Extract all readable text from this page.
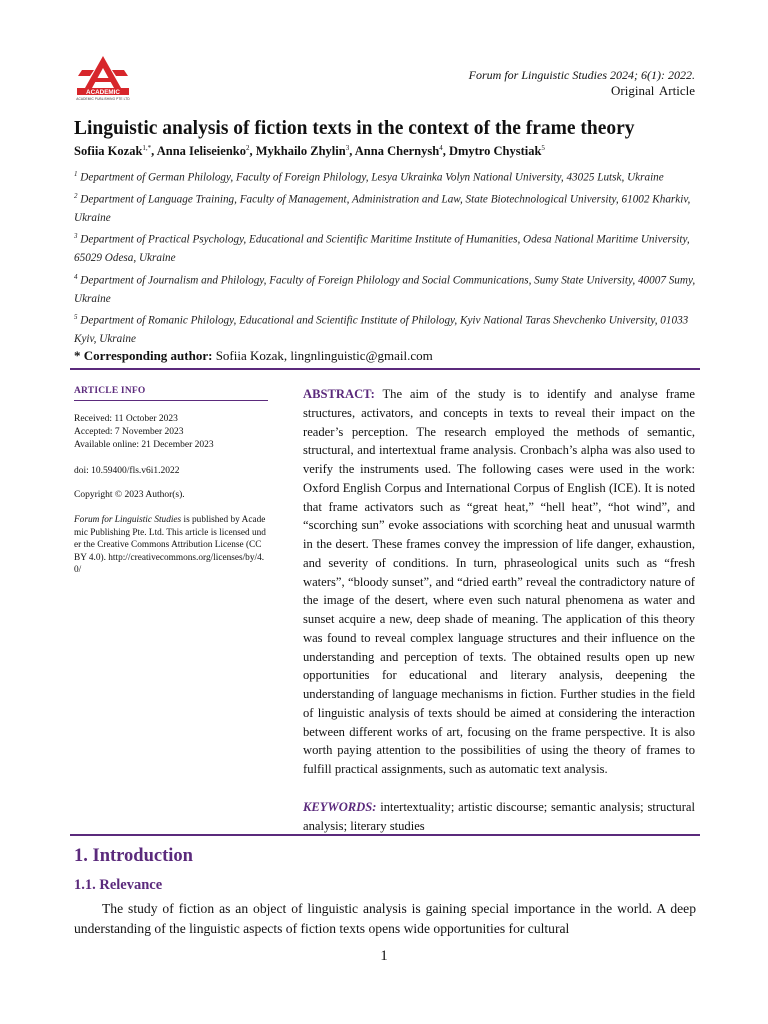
ACADEMIC
ACADEMIC PUBLISHING PTE LTD
Forum for Linguistic Studies 2024; 6(1): 2022.
Original Article
Linguistic analysis of fiction texts in the context of the frame theory
Sofiia Kozak$^{1,*}$, Anna Ieliseienko$^2$, Mykhailo Zhylin$^3$, Anna Chernysh$^4$, Dmytro Chystiak$^5$
$^1$ Department of German Philology, Faculty of Foreign Philology, Lesya Ukrainka Volyn National University, 43025 Lutsk, Ukraine
$^2$ Department of Language Training, Faculty of Management, Administration and Law, State Biotechnological University, 61002 Kharkiv, Ukraine
$^3$ Department of Practical Psychology, Educational and Scientific Maritime Institute of Humanities, Odesa National Maritime University, 65029 Odesa, Ukraine
$^4$ Department of Journalism and Philology, Faculty of Foreign Philology and Social Communications, Sumy State University, 40007 Sumy, Ukraine
$^5$ Department of Romanic Philology, Educational and Scientific Institute of Philology, Kyiv National Taras Shevchenko University, 01033 Kyiv, Ukraine
* Corresponding author: Sofiia Kozak, lingnlinguistic@gmail.com
ARTICLE INFO
Received: 11 October 2023
Accepted: 7 November 2023
Available online: 21 December 2023
doi: 10.59400/fls.v6i1.2022
Copyright © 2023 Author(s).
Forum for Linguistic Studies is published by Academic Publishing Pte. Ltd. This article is licensed under the Creative Commons Attribution License (CC BY 4.0). http://creativecommons.org/licenses/by/4.0/
ABSTRACT: The aim of the study is to identify and analyse frame structures, activators, and concepts in texts to reveal their impact on the reader’s perception. The research employed the methods of semantic, structural, and intertextual frame analysis. Cronbach’s alpha was also used to verify the instruments used. The following cases were used in the work: Oxford English Corpus and International Corpus of English (ICE). It is noted that frame activators such as “great heat,” “hell heat”, “hot wind”, and “scorching sun” evoke associations with scorching heat and unusual warmth in the desert. These frames convey the impression of life danger, exhaustion, and severity of conditions. In turn, phraseological units such as “fresh waters”, “bloody sunset”, and “dried earth” reveal the contradictory nature of the image of the desert, where even such natural phenomena as water and sunset acquire a new, deep shade of meaning. The application of this theory was found to reveal complex language structures and their influence on the understanding and perception of texts. The obtained results open up new opportunities for educational and literary analysis, deepening the understanding of language mechanisms in fiction. Further studies in the field of linguistic analysis of texts should be aimed at considering the interaction between different works of art, focusing on the frame perspective. It is also worth paying attention to the possibilities of using the theory of frames to fulfill practical assignments, such as automatic text analysis.
KEYWORDS: intertextuality; artistic discourse; semantic analysis; structural analysis; literary studies
1. Introduction
1.1. Relevance
The study of fiction as an object of linguistic analysis is gaining special importance in the world. A deep understanding of the linguistic aspects of fiction texts opens wide opportunities for cultural
1
